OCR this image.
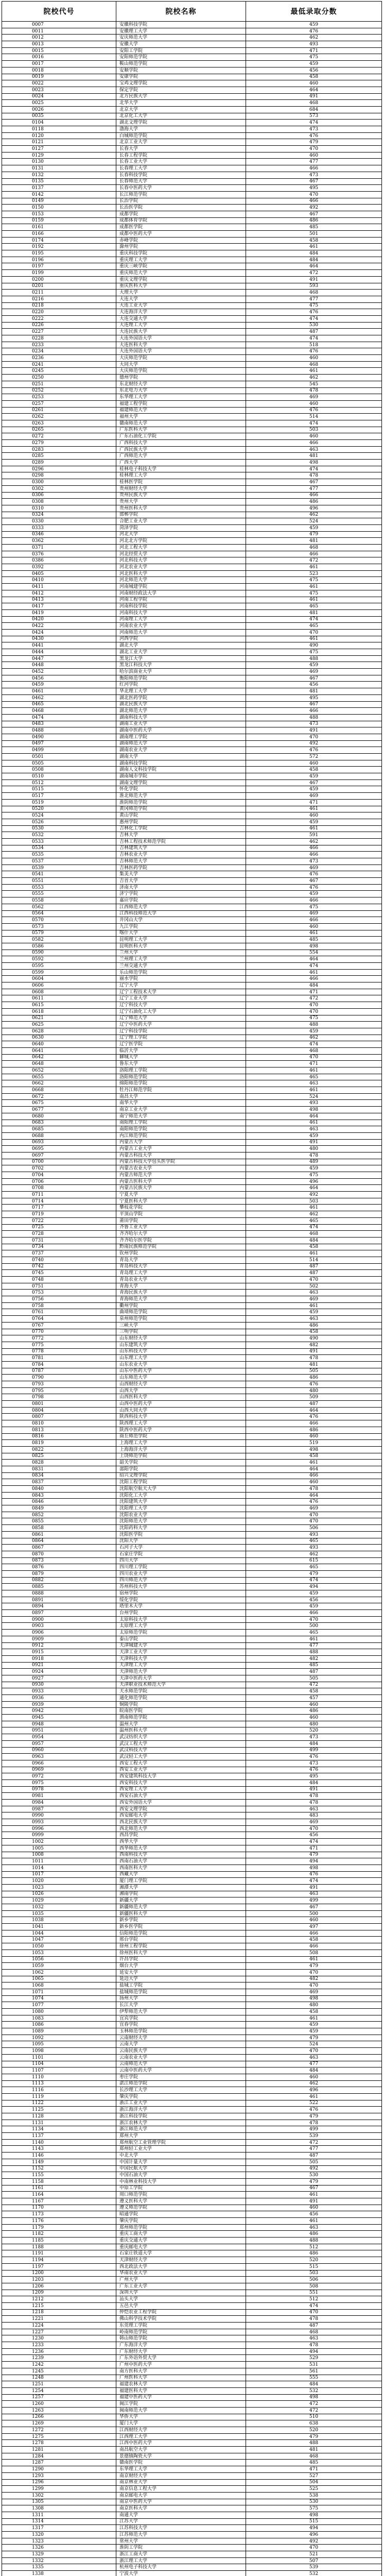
院校代号	院校名称	最低录取分数
0007	安徽科技学院	459
0011	安徽理工大学	476
0012	安庆师范大学	462
0013	安徽大学	493
0015	安阳工学院	471
0016	安阳师范学院	475
0017	鞍山师范学院	459
0018	安顺学院	456
0019	安康学院	458
0022	宝鸡文理学院	460
0023	保定学院	464
0024	北方民族大学	491
0025	北华大学	468
0026	北京大学	684
0035	北京化工大学	573
0104	湖北文理学院	474
0118	渤海大学	473
0120	白城师范学院	476
0121	北京工业大学	479
0127	长春大学	470
0129	长春工程学院	460
0130	长春工业大学	477
0131	长春理工大学	466
0132	长春科技学院	473
0135	长春师范大学	467
0137	长春中医药大学	495
0142	长江师范学院	470
0149	长治学院	466
0150	长治医学院	492
0153	成都学院	467
0159	成都体育学院	486
0161	成都医学院	485
0166	成都中医药大学	501
0174	赤峰学院	458
0192	滁州学院	461
0195	重庆科技学院	484
0196	重庆理工大学	484
0197	重庆三峡学院	464
0199	重庆师范大学	472
0200	重庆文理学院	491
0201	重庆医科大学	593
0211	大理大学	468
0216	大连大学	477
0218	大连工业大学	475
0220	大连海洋大学	476
0222	大连交通大学	474
0226	大连理工大学	530
0227	大连民族大学	487
0228	大连外国语大学	474
0233	大连医科大学	518
0234	大连外国语大学	476
0236	大庆师范学院	460
0241	大同大学	468
0245	大庆师范学院	461
0250	德州学院	462
0251	东北财经大学	545
0252	东北电力大学	478
0253	东华理工大学	469
0257	福建工程学院	460
0261	福建师范大学	476
0262	福州大学	514
0263	赣南师范大学	474
0265	广东医科大学	503
0272	广东石油化工学院	460
0279	广西科技大学	466
0283	广西民族大学	463
0285	广西师范大学	481
0289	广西大学	498
0296	桂林电子科技大学	474
0298	桂林理工大学	478
0300	桂林医学院	467
0302	贵州财经大学	477
0306	贵州民族大学	466
0308	贵州大学	486
0310	贵州医科大学	496
0324	邯郸学院	462
0330	合肥工业大学	524
0333	菏泽学院	459
0346	河北大学	479
0362	河北北方学院	481
0371	河北工程大学	468
0376	河北经贸大学	466
0386	河北科技大学	472
0392	河北农业大学	461
0405	河北医科大学	523
0410	河北师范大学	475
0411	河南城建学院	461
0412	河南财经政法大学	475
0413	河南工程学院	461
0417	河南科技学院	465
0419	河南科技大学	481
0420	河南理工大学	474
0422	河南农业大学	465
0424	河南师范大学	470
0430	河西学院	461
0441	湖北大学	490
0444	湖北工业大学	475
0447	黑龙江大学	488
0448	黑龙江科技大学	459
0452	哈尔滨商业大学	469
0456	衡阳师范学院	467
0459	红河学院	456
0461	华北理工大学	481
0462	湖北医药学院	495
0465	湖北民族大学	467
0468	湖北师范大学	466
0474	湖南科技大学	488
0483	湖南工业大学	473
0488	湖南中医药大学	491
0490	湖南理工学院	470
0497	湖南师范大学	492
0499	湖南农业大学	476
0501	湖南大学	572
0505	湖南科技学院	460
0508	湖南人文科技学院	458
0510	湖南城市学院	459
0512	湖南文理学院	467
0515	怀化学院	459
0517	淮北师范大学	469
0519	淮阴师范学院	471
0520	黄冈师范学院	461
0524	黄山学院	460
0526	惠州学院	459
0530	吉林化工学院	461
0532	吉林大学	591
0533	吉林工程技术师范学院	462
0534	吉林建筑大学	466
0535	吉林农业大学	466
0537	吉林师范大学	473
0539	吉林医药学院	469
0541	集美大学	476
0551	吉首大学	467
0553	济南大学	476
0555	济宁学院	459
0558	嘉应学院	466
0562	江西师范大学	475
0564	江西科技师范大学	469
0570	井冈山大学	466
0573	九江学院	460
0579	喀什大学	461
0582	昆明理工大学	485
0586	昆明医科大学	498
0590	兰州大学	554
0592	兰州理工大学	464
0595	兰州交通大学	474
0599	乐山师范学院	461
0604	丽水学院	466
0606	辽宁大学	484
0608	辽宁工程技术大学	471
0611	辽宁工业大学	472
0615	辽宁科技大学	470
0618	辽宁石油化工大学	470
0621	辽宁师范大学	475
0625	辽宁中医药大学	488
0628	辽宁科技学院	459
0630	辽宁理工学院	462
0640	辽宁医学院	474
0641	临沂大学	468
0642	聊城大学	470
0648	鲁东大学	471
0652	洛阳理工学院	461
0655	洛阳师范学院	465
0662	绵阳师范学院	463
0668	牡丹江师范学院	461
0672	南昌大学	524
0675	南华大学	493
0677	南京工业大学	498
0680	南宁师范大学	464
0683	南阳理工学院	461
0685	南阳师范学院	463
0688	内江师范学院	459
0693	内蒙古大学	491
0695	内蒙古工业大学	480
0697	内蒙古科技大学	478
0700	内蒙古科技大学包头医学院	489
0702	内蒙古农业大学	459
0704	内蒙古师范大学	475
0706	内蒙古医科大学	496
0708	内蒙古民族大学	464
0711	宁夏大学	492
0714	宁夏医科大学	503
0717	攀枝花学院	461
0719	平顶山学院	462
0722	莆田学院	465
0725	齐鲁工业大学	474
0728	齐齐哈尔大学	468
0731	齐齐哈尔医学院	484
0734	黔南民族师范学院	458
0737	钦州学院	461
0740	青岛大学	514
0742	青岛科技大学	487
0745	青岛理工大学	487
0748	青岛农业大学	470
0751	青海大学	502
0753	青海民族大学	463
0756	青海师范大学	469
0758	衢州学院	461
0761	曲靖师范学院	459
0764	泉州师范学院	463
0767	三峡大学	486
0770	三明学院	458
0772	山东财经大学	490
0775	山东建筑大学	482
0778	山东科技大学	491
0781	山东理工大学	478
0784	山东农业大学	481
0787	山东中医药大学	505
0790	山东师范大学	486
0793	山西财经大学	476
0795	山西大学	480
0798	山西医科大学	509
0801	山西中医药大学	487
0804	山西大同大学	464
0807	陕西科技大学	476
0810	陕西理工大学	466
0813	陕西中医药大学	486
0816	商丘师范学院	460
0819	上海理工大学	519
0822	上海海洋大学	498
0825	上饶师范学院	458
0828	韶关学院	461
0831	邵阳学院	464
0834	绍兴文理学院	466
0837	沈阳工程学院	460
0840	沈阳航空航天大学	478
0843	沈阳化工大学	464
0846	沈阳建筑大学	476
0849	沈阳理工大学	469
0852	沈阳农业大学	470
0855	沈阳师范大学	470
0858	沈阳药科大学	506
0861	沈阳医学院	493
0864	沈阳大学	465
0867	石河子大学	493
0870	石家庄学院	462
0873	四川大学	615
0876	四川理工学院	465
0879	四川农业大学	479
0882	四川师范大学	474
0885	苏州科技大学	494
0888	宿州学院	459
0891	绥化学院	456
0894	塔里木大学	459
0897	台州学院	466
0900	太原科技大学	470
0903	太原理工大学	500
0906	太原师范学院	465
0909	泰山学院	461
0912	天津城建大学	477
0915	天津工业大学	488
0918	天津科技大学	482
0921	天津理工大学	485
0924	天津师范大学	487
0927	天津中医药大学	505
0930	天津职业技术师范大学	472
0933	天水师范学院	458
0936	通化师范学院	457
0939	铜陵学院	460
0942	皖南医学院	486
0945	渭南师范学院	460
0948	温州大学	480
0951	温州医科大学	520
0954	武汉纺织大学	473
0957	武汉工程大学	484
0960	武汉科技大学	499
0963	武汉轻工大学	476
0966	西安工程大学	473
0969	西安工业大学	476
0972	西安建筑科技大学	495
0975	西安科技大学	484
0978	西安理工大学	491
0981	西安石油大学	478
0984	西安外国语大学	478
0987	西安文理学院	463
0990	西安邮电大学	483
0993	西北民族大学	469
0996	西北师范大学	470
0999	西昌学院	456
1002	西华大学	474
1005	西华师范大学	471
1008	西南科技大学	479
1011	西南石油大学	494
1014	西南医科大学	498
1017	西藏大学	476
1020	厦门理工学院	474
1023	湘潭大学	491
1026	湘南学院	463
1029	新疆大学	499
1032	新疆师范大学	467
1035	新疆医科大学	500
1038	新乡学院	460
1041	新乡医学院	497
1044	信阳师范学院	466
1047	邢台学院	458
1050	徐州工程学院	466
1053	徐州医科大学	508
1056	许昌学院	461
1059	烟台大学	479
1062	延安大学	470
1065	延边大学	482
1068	盐城工学院	470
1071	盐城师范学院	469
1074	扬州大学	498
1077	长江大学	480
1080	伊犁师范大学	458
1083	宜宾学院	461
1086	宜春学院	459
1089	玉林师范学院	459
1092	云南财经大学	479
1095	云南大学	524
1098	云南民族大学	470
1101	云南农业大学	463
1104	云南师范大学	477
1107	云南中医药大学	484
1110	枣庄学院	460
1113	湛江师范学院	462
1116	长沙理工大学	496
1119	肇庆学院	461
1122	浙江工业大学	522
1125	浙江海洋大学	476
1128	浙江科技学院	479
1131	浙江农林大学	478
1134	浙江师范大学	499
1137	郑州大学	539
1140	郑州航空工业管理学院	472
1143	郑州轻工业大学	477
1146	中北大学	487
1149	中国计量大学	505
1152	中国民航大学	492
1155	中国石油大学	530
1158	中南林业科技大学	479
1161	中原工学院	467
1164	周口师范学院	461
1167	遵义医科大学	491
1170	遵义师范学院	460
1173	昭通学院	456
1176	肇庆学院	461
1179	郑州师范学院	463
1182	重庆工商大学	486
1185	重庆交通大学	488
1188	重庆邮电大学	512
1191	石家庄铁道大学	486
1194	天津财经大学	520
1197	西北政法大学	515
1200	华南农业大学	503
1203	广州大学	506
1206	广东工业大学	508
1209	深圳大学	551
1212	汕头大学	512
1215	五邑大学	474
1218	仲恺农业工程学院	470
1221	佛山科学技术学院	478
1224	东莞理工学院	487
1227	岭南师范学院	468
1230	韩山师范学院	463
1233	广东海洋大学	478
1236	广东财经大学	494
1239	广东外语外贸大学	529
1242	广州中医药大学	531
1245	南方医科大学	561
1248	广州医科大学	555
1251	福建农林大学	484
1254	福建医科大学	532
1257	福建中医药大学	498
1260	闽江学院	472
1263	闽南师范大学	472
1266	华侨大学	510
1269	厦门大学	638
1272	江西财经大学	520
1275	江西理工大学	479
1278	江西中医药大学	488
1281	南昌航空大学	481
1284	景德镇陶瓷大学	468
1287	赣南医学院	485
1290	东华理工大学	471
1293	南京财经大学	527
1296	南京林业大学	504
1299	南京信息工程大学	525
1302	南京邮电大学	538
1305	南京中医药大学	530
1308	南京医科大学	575
1311	南通大学	498
1314	江苏大学	515
1317	江苏科技大学	494
1320	江苏师范大学	496
1323	常州大学	492
1326	淮阴工学院	470
1329	浙江工商大学	521
1332	浙江理工大学	507
1335	杭州电子科技大学	539
1338	宁波大学	532
